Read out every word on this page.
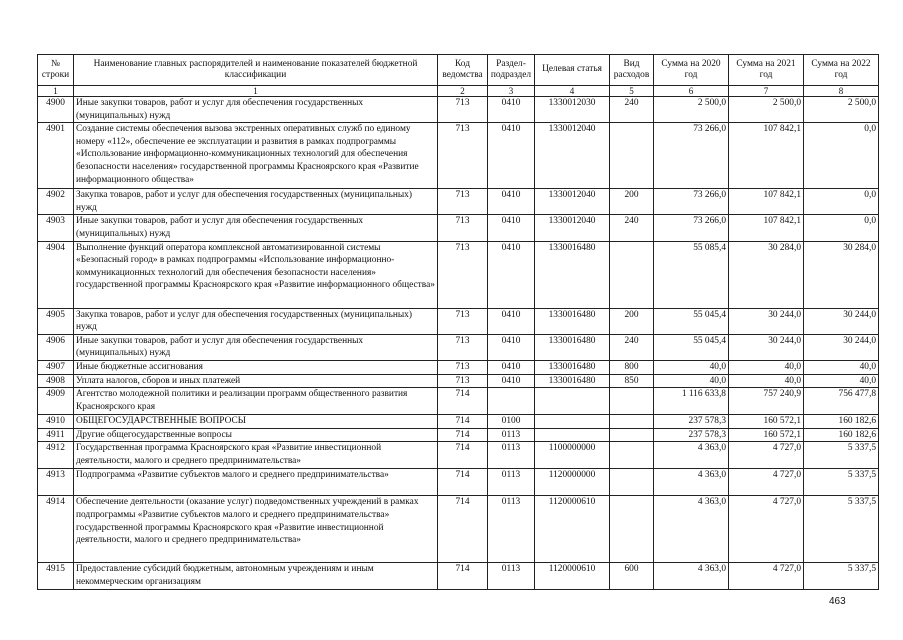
№ строки	Наименование главных распорядителей и наименование показателей бюджетной классификации	Код ведомства	Раздел-подраздел	Целевая статья	Вид расходов	Сумма на 2020 год	Сумма на 2021 год	Сумма на 2022 год
1	1	2	3	4	5	6	7	8
4900	Иные закупки товаров, работ и услуг для обеспечения государственных (муниципальных) нужд	713	0410	1330012030	240	2 500,0	2 500,0	2 500,0
4901	Создание системы обеспечения вызова экстренных оперативных служб по единому номеру «112», обеспечение ее эксплуатации и развития в рамках подпрограммы «Использование информационно-коммуникационных технологий для обеспечения безопасности населения» государственной программы Красноярского края «Развитие информационного общества»	713	0410	1330012040		73 266,0	107 842,1	0,0
4902	Закупка товаров, работ и услуг для обеспечения государственных (муниципальных) нужд	713	0410	1330012040	200	73 266,0	107 842,1	0,0
4903	Иные закупки товаров, работ и услуг для обеспечения государственных (муниципальных) нужд	713	0410	1330012040	240	73 266,0	107 842,1	0,0
4904	Выполнение функций оператора комплексной автоматизированной системы «Безопасный город» в рамках подпрограммы «Использование информационно-коммуникационных технологий для обеспечения безопасности населения» государственной программы Красноярского края «Развитие информационного общества»	713	0410	1330016480		55 085,4	30 284,0	30 284,0
4905	Закупка товаров, работ и услуг для обеспечения государственных (муниципальных) нужд	713	0410	1330016480	200	55 045,4	30 244,0	30 244,0
4906	Иные закупки товаров, работ и услуг для обеспечения государственных (муниципальных) нужд	713	0410	1330016480	240	55 045,4	30 244,0	30 244,0
4907	Иные бюджетные ассигнования	713	0410	1330016480	800	40,0	40,0	40,0
4908	Уплата налогов, сборов и иных платежей	713	0410	1330016480	850	40,0	40,0	40,0
4909	Агентство молодежной политики и реализации программ общественного развития Красноярского края	714				1 116 633,8	757 240,9	756 477,8
4910	ОБЩЕГОСУДАРСТВЕННЫЕ ВОПРОСЫ	714	0100			237 578,3	160 572,1	160 182,6
4911	Другие общегосударственные вопросы	714	0113			237 578,3	160 572,1	160 182,6
4912	Государственная программа Красноярского края «Развитие инвестиционной деятельности, малого и среднего предпринимательства»	714	0113	1100000000		4 363,0	4 727,0	5 337,5
4913	Подпрограмма «Развитие субъектов малого и среднего предпринимательства»	714	0113	1120000000		4 363,0	4 727,0	5 337,5
4914	Обеспечение деятельности (оказание услуг) подведомственных учреждений в рамках подпрограммы «Развитие субъектов малого и среднего предпринимательства» государственной программы Красноярского края «Развитие инвестиционной деятельности, малого и среднего предпринимательства»	714	0113	1120000610		4 363,0	4 727,0	5 337,5
4915	Предоставление субсидий бюджетным, автономным учреждениям и иным некоммерческим организациям	714	0113	1120000610	600	4 363,0	4 727,0	5 337,5
463
